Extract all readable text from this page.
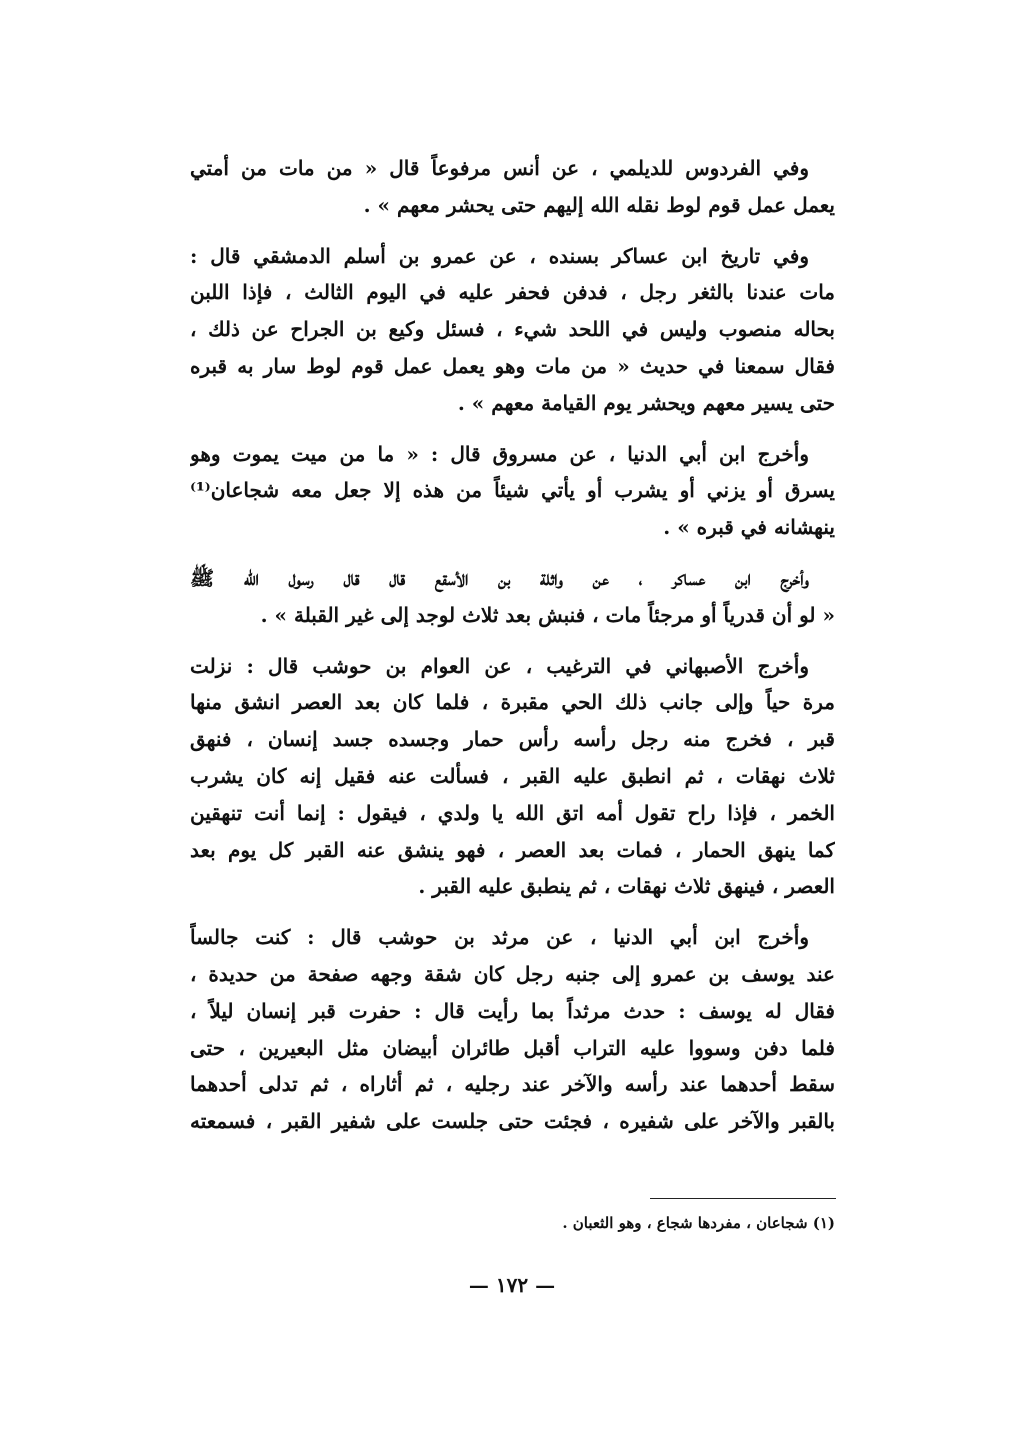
وفي الفردوس للديلمي ، عن أنس مرفوعاً قال « من مات من أمتي
يعمل عمل قوم لوط نقله الله إليهم حتى يحشر معهم » .

وفي تاريخ ابن عساكر بسنده ، عن عمرو بن أسلم الدمشقي قال :
مات عندنا بالثغر رجل ، فدفن فحفر عليه في اليوم الثالث ، فإذا اللبن
بحاله منصوب وليس في اللحد شيء ، فسئل وكيع بن الجراح عن ذلك ،
فقال سمعنا في حديث « من مات وهو يعمل عمل قوم لوط سار به قبره
حتى يسير معهم ويحشر يوم القيامة معهم » .

وأخرج ابن أبي الدنيا ، عن مسروق قال : « ما من ميت يموت وهو
يسرق أو يزني أو يشرب أو يأتي شيئاً من هذه إلا جعل معه شجاعان⁽¹⁾
ينهشانه في قبره » .

وأخرج ابن عساكر ، عن واثلة بن الأسقع قال قال رسول الله ﷺ
« لو أن قدرياً أو مرجئاً مات ، فنبش بعد ثلاث لوجد إلى غير القبلة » .

وأخرج الأصبهاني في الترغيب ، عن العوام بن حوشب قال : نزلت
مرة حياً وإلى جانب ذلك الحي مقبرة ، فلما كان بعد العصر انشق منها
قبر ، فخرج منه رجل رأسه رأس حمار وجسده جسد إنسان ، فنهق
ثلاث نهقات ، ثم انطبق عليه القبر ، فسألت عنه فقيل إنه كان يشرب
الخمر ، فإذا راح تقول أمه اتق الله يا ولدي ، فيقول : إنما أنت تنهقين
كما ينهق الحمار ، فمات بعد العصر ، فهو ينشق عنه القبر كل يوم بعد
العصر ، فينهق ثلاث نهقات ، ثم ينطبق عليه القبر .

وأخرج ابن أبي الدنيا ، عن مرثد بن حوشب قال : كنت جالساً
عند يوسف بن عمرو إلى جنبه رجل كان شقة وجهه صفحة من حديدة ،
فقال له يوسف : حدث مرثداً بما رأيت قال : حفرت قبر إنسان ليلاً ،
فلما دفن وسووا عليه التراب أقبل طائران أبيضان مثل البعيرين ، حتى
سقط أحدهما عند رأسه والآخر عند رجليه ، ثم أثاراه ، ثم تدلى أحدهما
بالقبر والآخر على شفيره ، فجئت حتى جلست على شفير القبر ، فسمعته

(١) شجاعان ، مفردها شجاع ، وهو الثعبان .
— ١٧٢ —
